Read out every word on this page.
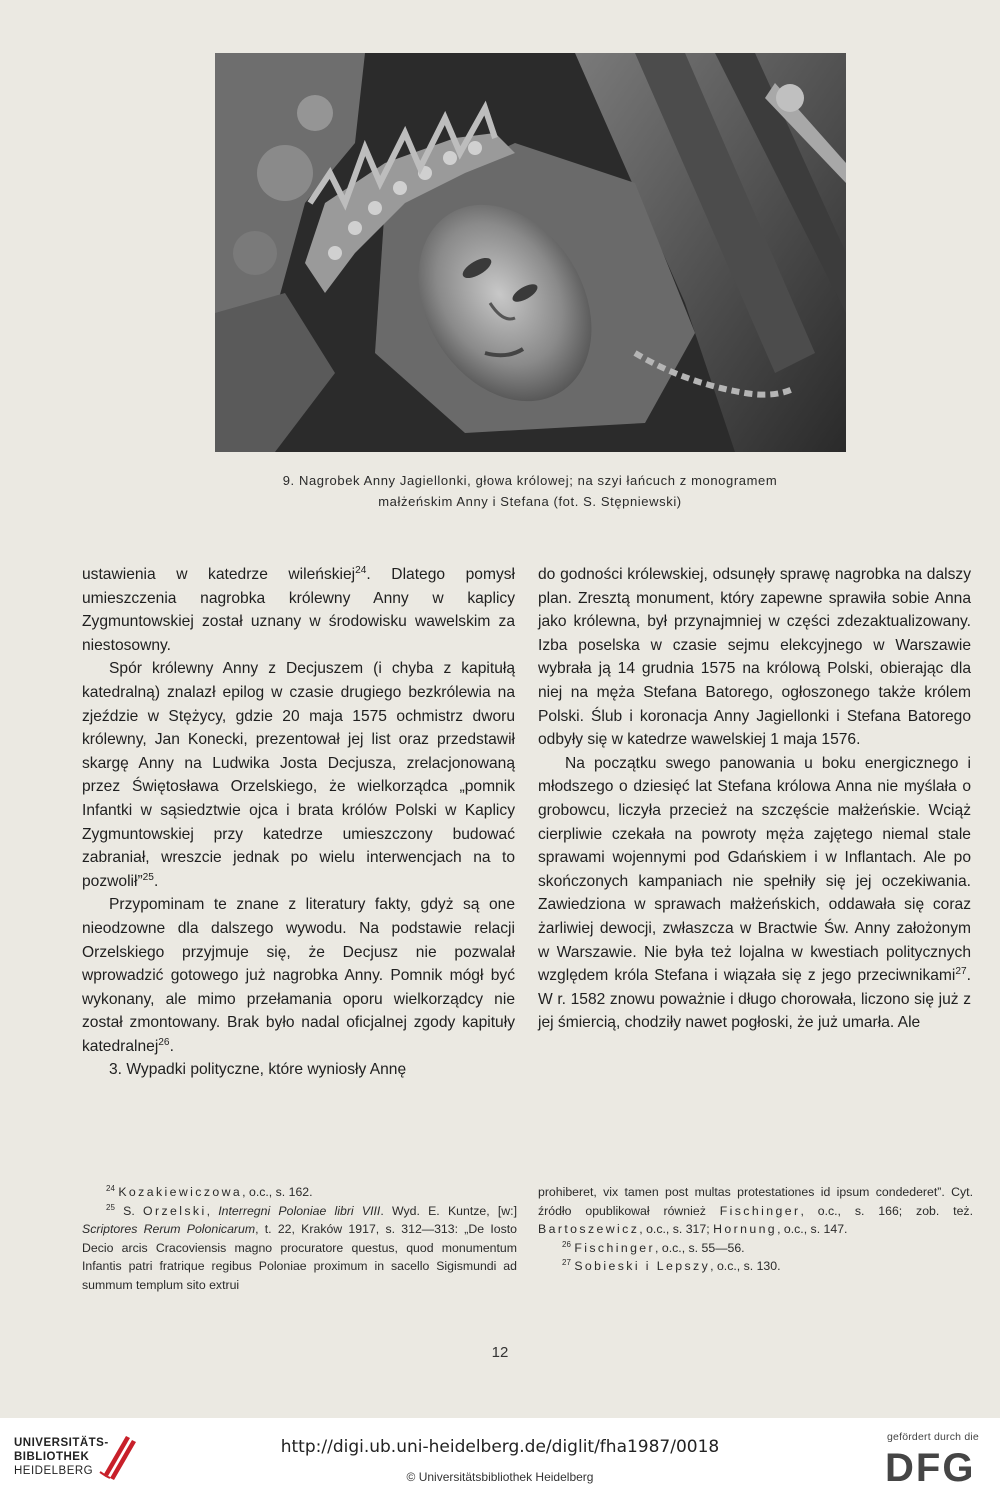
9. Nagrobek Anny Jagiellonki, głowa królowej; na szyi łańcuch z monogramem
małżeńskim Anny i Stefana (fot. S. Stępniewski)

ustawienia w katedrze wileńskiej$^{24}$. Dlatego pomysł umieszczenia nagrobka królewny Anny w kaplicy Zygmuntowskiej został uznany w środowisku wawelskim za niestosowny.

Spór królewny Anny z Decjuszem (i chyba z kapitułą katedralną) znalazł epilog w czasie drugiego bezkrólewia na zjeździe w Stężycy, gdzie 20 maja 1575 ochmistrz dworu królewny, Jan Konecki, prezentował jej list oraz przedstawił skargę Anny na Ludwika Josta Decjusza, zrelacjonowaną przez Świętosława Orzelskiego, że wielkorządca „pomnik Infantki w sąsiedztwie ojca i brata królów Polski w Kaplicy Zygmuntowskiej przy katedrze umieszczony budować zabraniał, wreszcie jednak po wielu interwencjach na to pozwolił”$^{25}$.

Przypominam te znane z literatury fakty, gdyż są one nieodzowne dla dalszego wywodu. Na podstawie relacji Orzelskiego przyjmuje się, że Decjusz nie pozwalał wprowadzić gotowego już nagrobka Anny. Pomnik mógł być wykonany, ale mimo przełamania oporu wielkorządcy nie został zmontowany. Brak było nadal oficjalnej zgody kapituły katedralnej$^{26}$.

3. Wypadki polityczne, które wyniosły Annę

do godności królewskiej, odsunęły sprawę nagrobka na dalszy plan. Zresztą monument, który zapewne sprawiła sobie Anna jako królewna, był przynajmniej w części zdezaktualizowany. Izba poselska w czasie sejmu elekcyjnego w Warszawie wybrała ją 14 grudnia 1575 na królową Polski, obierając dla niej na męża Stefana Batorego, ogłoszonego także królem Polski. Ślub i koronacja Anny Jagiellonki i Stefana Batorego odbyły się w katedrze wawelskiej 1 maja 1576.

Na początku swego panowania u boku energicznego i młodszego o dziesięć lat Stefana królowa Anna nie myślała o grobowcu, liczyła przecież na szczęście małżeńskie. Wciąż cierpliwie czekała na powroty męża zajętego niemal stale sprawami wojennymi pod Gdańskiem i w Inflantach. Ale po skończonych kampaniach nie spełniły się jej oczekiwania. Zawiedziona w sprawach małżeńskich, oddawała się coraz żarliwiej dewocji, zwłaszcza w Bractwie Św. Anny założonym w Warszawie. Nie była też lojalna w kwestiach politycznych względem króla Stefana i wiązała się z jego przeciwnikami$^{27}$. W r. 1582 znowu poważnie i długo chorowała, liczono się już z jej śmiercią, chodziły nawet pogłoski, że już umarła. Ale

$^{24}$ Kozakiewiczowa, o.c., s. 162.

$^{25}$ S. Orzelski, Interregni Poloniae libri VIII. Wyd. E. Kuntze, [w:] Scriptores Rerum Polonicarum, t. 22, Kraków 1917, s. 312—313: „De Iosto Decio arcis Cracoviensis magno procuratore questus, quod monumentum Infantis patri fratrique regibus Poloniae proximum in sacello Sigismundi ad summum templum sito extrui

prohiberet, vix tamen post multas protestationes id ipsum condederet”. Cyt. źródło opublikował również Fischinger, o.c., s. 166; zob. też. Bartoszewicz, o.c., s. 317; Hornung, o.c., s. 147.

$^{26}$ Fischinger, o.c., s. 55—56.

$^{27}$ Sobieski i Lepszy, o.c., s. 130.

12
UNIVERSITÄTS-
BIBLIOTHEK
HEIDELBERG
http://digi.ub.uni-heidelberg.de/diglit/fha1987/0018
© Universitätsbibliothek Heidelberg
gefördert durch die
DFG
